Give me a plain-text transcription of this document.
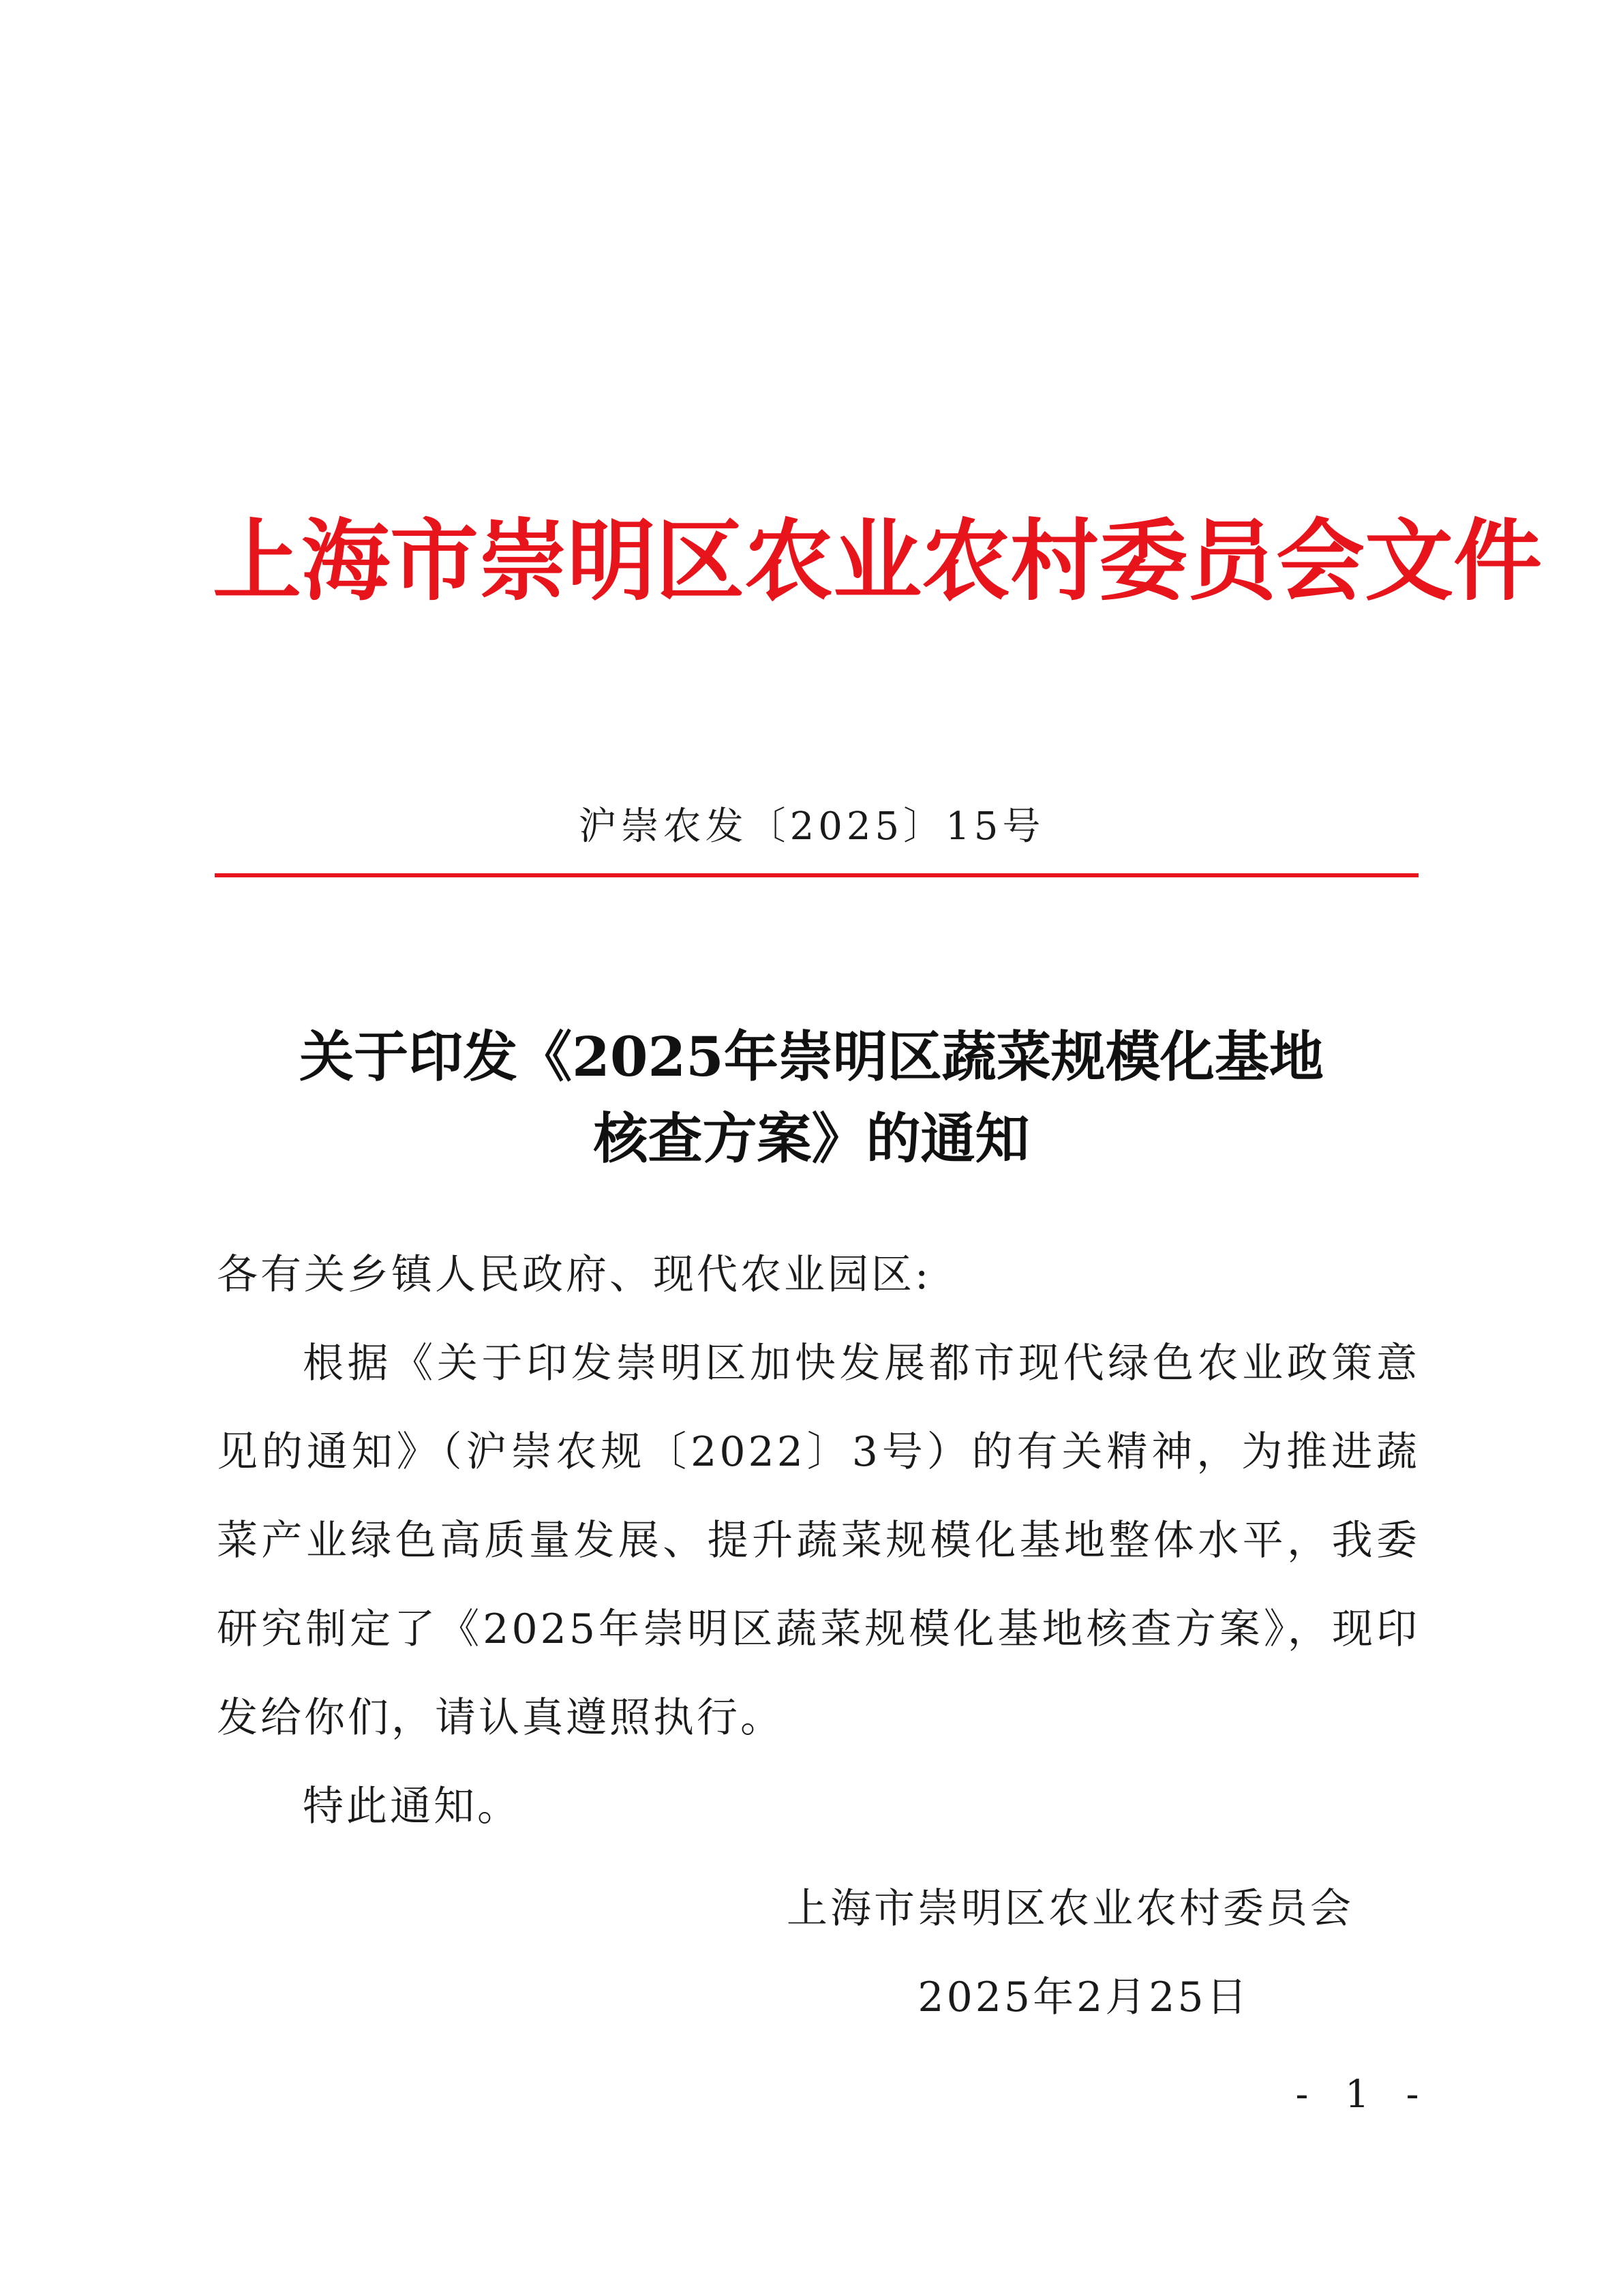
上海市崇明区农业农村委员会文件
沪崇农发〔2025〕15号
关于印发《2025年崇明区蔬菜规模化基地
核查方案》的通知

各有关乡镇人民政府、现代农业园区:

根据《关于印发崇明区加快发展都市现代绿色农业政策意见的通知》（沪崇农规〔2022〕3号）的有关精神，为推进蔬菜产业绿色高质量发展、提升蔬菜规模化基地整体水平，我委研究制定了《2025年崇明区蔬菜规模化基地核查方案》，现印发给你们，请认真遵照执行。

特此通知。

上海市崇明区农业农村委员会
2025年2月25日
- 1 -
